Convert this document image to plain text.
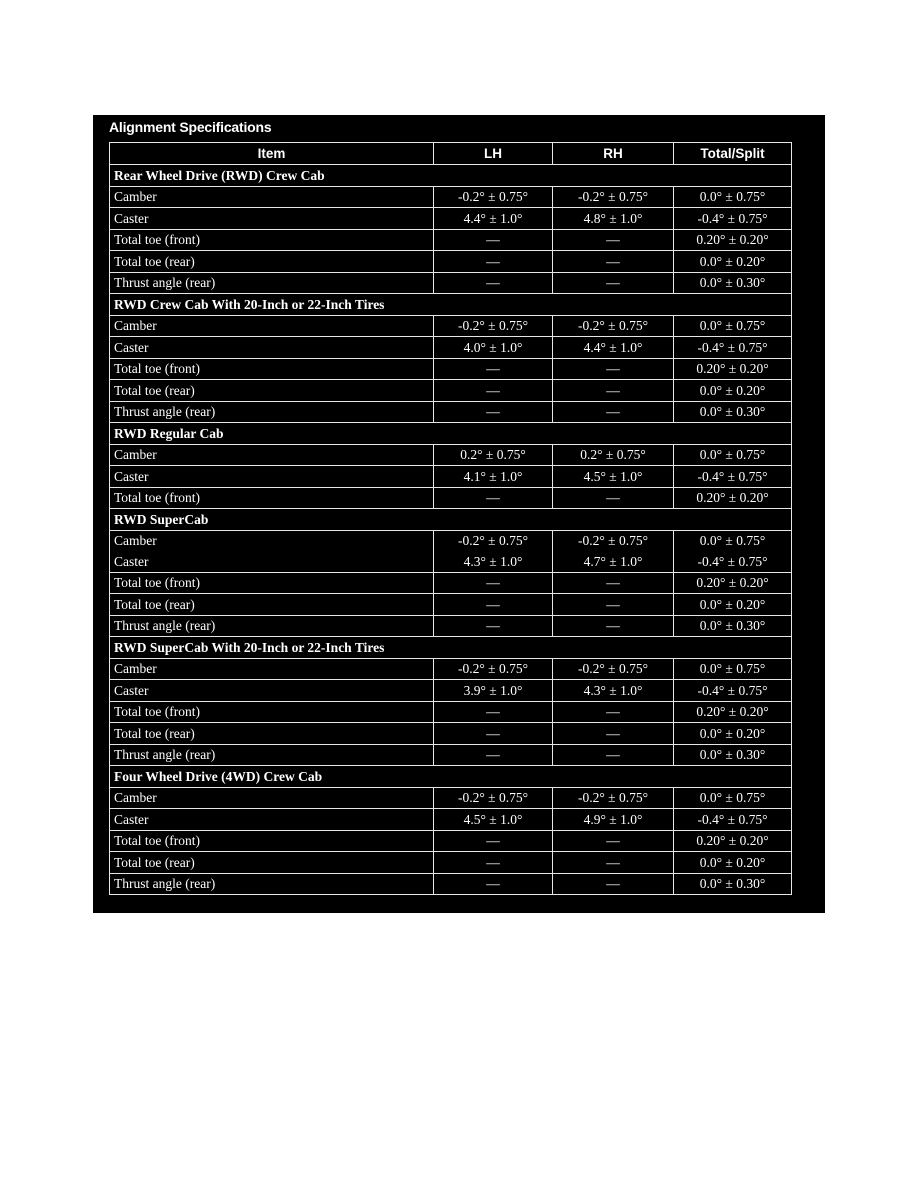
Alignment Specifications
Item	LH	RH	Total/Split
Rear Wheel Drive (RWD) Crew Cab			
Camber	-0.2° ± 0.75°	-0.2° ± 0.75°	0.0° ± 0.75°
Caster	4.4° ± 1.0°	4.8° ± 1.0°	-0.4° ± 0.75°
Total toe (front)	—	—	0.20° ± 0.20°
Total toe (rear)	—	—	0.0° ± 0.20°
Thrust angle (rear)	—	—	0.0° ± 0.30°
RWD Crew Cab With 20-Inch or 22-Inch Tires			
Camber	-0.2° ± 0.75°	-0.2° ± 0.75°	0.0° ± 0.75°
Caster	4.0° ± 1.0°	4.4° ± 1.0°	-0.4° ± 0.75°
Total toe (front)	—	—	0.20° ± 0.20°
Total toe (rear)	—	—	0.0° ± 0.20°
Thrust angle (rear)	—	—	0.0° ± 0.30°
RWD Regular Cab			
Camber	0.2° ± 0.75°	0.2° ± 0.75°	0.0° ± 0.75°
Caster	4.1° ± 1.0°	4.5° ± 1.0°	-0.4° ± 0.75°
Total toe (front)	—	—	0.20° ± 0.20°
RWD SuperCab			
Camber	-0.2° ± 0.75°	-0.2° ± 0.75°	0.0° ± 0.75°
Caster	4.3° ± 1.0°	4.7° ± 1.0°	-0.4° ± 0.75°
Total toe (front)	—	—	0.20° ± 0.20°
Total toe (rear)	—	—	0.0° ± 0.20°
Thrust angle (rear)	—	—	0.0° ± 0.30°
RWD SuperCab With 20-Inch or 22-Inch Tires			
Camber	-0.2° ± 0.75°	-0.2° ± 0.75°	0.0° ± 0.75°
Caster	3.9° ± 1.0°	4.3° ± 1.0°	-0.4° ± 0.75°
Total toe (front)	—	—	0.20° ± 0.20°
Total toe (rear)	—	—	0.0° ± 0.20°
Thrust angle (rear)	—	—	0.0° ± 0.30°
Four Wheel Drive (4WD) Crew Cab			
Camber	-0.2° ± 0.75°	-0.2° ± 0.75°	0.0° ± 0.75°
Caster	4.5° ± 1.0°	4.9° ± 1.0°	-0.4° ± 0.75°
Total toe (front)	—	—	0.20° ± 0.20°
Total toe (rear)	—	—	0.0° ± 0.20°
Thrust angle (rear)	—	—	0.0° ± 0.30°
